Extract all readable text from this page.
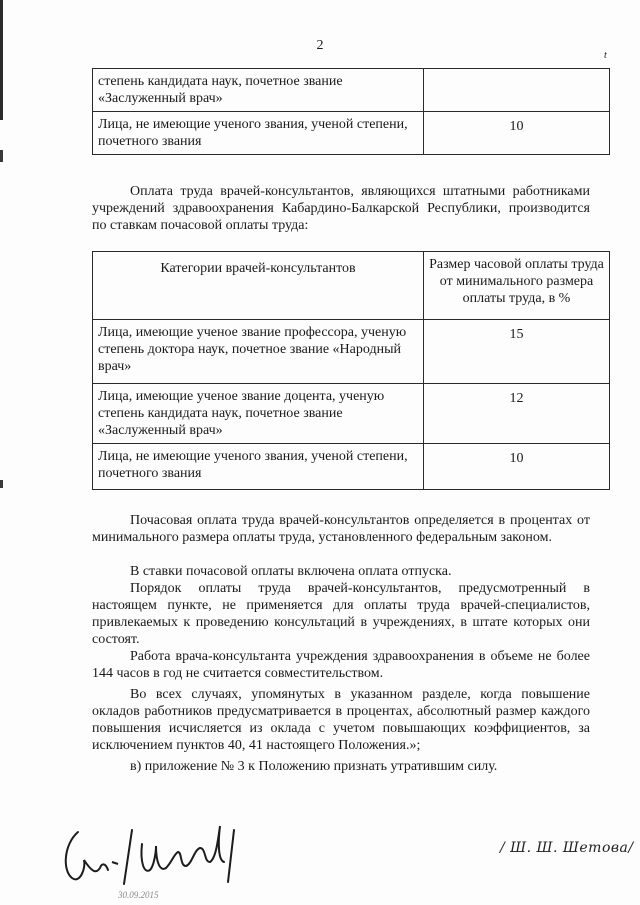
2
t
степень кандидата наук, почетное звание «Заслуженный врач»	
Лица, не имеющие ученого звания, ученой степени, почетного звания	10

Оплата труда врачей-консультантов, являющихся штатными работниками учреждений здравоохранения Кабардино-Балкарской Республики, производится по ставкам почасовой оплаты труда:

Категории врачей-консультантов	Размер часовой оплаты труда от минимального размера оплаты труда, в %
Лица, имеющие ученое звание профессора, ученую степень доктора наук, почетное звание «Народный врач»	15
Лица, имеющие ученое звание доцента, ученую степень кандидата наук, почетное звание «Заслуженный врач»	12
Лица, не имеющие ученого звания, ученой степени, почетного звания	10

Почасовая оплата труда врачей-консультантов определяется в процентах от минимального размера оплаты труда, установленного федеральным законом.

В ставки почасовой оплаты включена оплата отпуска.

Порядок оплаты труда врачей-консультантов, предусмотренный в настоящем пункте, не применяется для оплаты труда врачей-специалистов, привлекаемых к проведению консультаций в учреждениях, в штате которых они состоят.

Работа врача-консультанта учреждения здравоохранения в объеме не более 144 часов в год не считается совместительством.

Во всех случаях, упомянутых в указанном разделе, когда повышение окладов работников предусматривается в процентах, абсолютный размер каждого повышения исчисляется из оклада с учетом повышающих коэффициентов, за исключением пунктов 40, 41 настоящего Положения.»;

в) приложение № 3 к Положению признать утратившим силу.

/ Ш. Ш. Шетова/
30.09.2015
